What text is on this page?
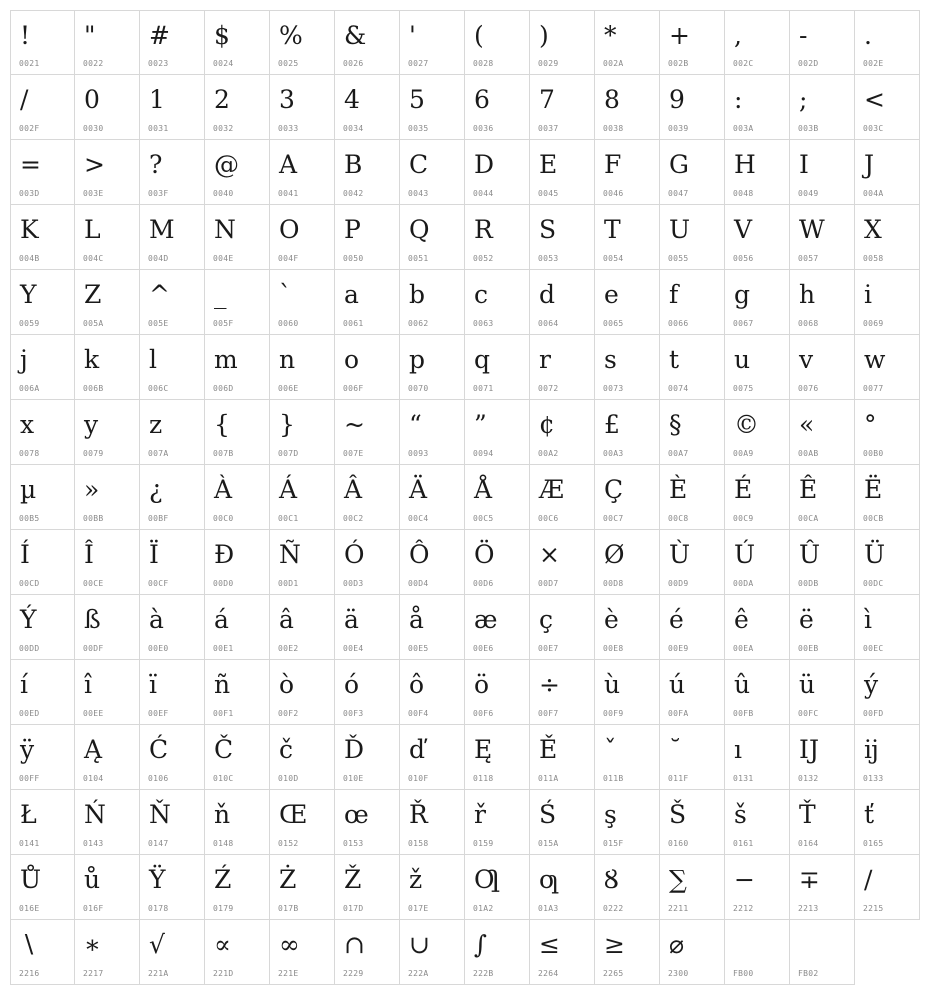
!
0021
"
0022
#
0023
$
0024
%
0025
&
0026
'
0027
(
0028
)
0029
*
002A
+
002B
,
002C
-
002D
.
002E
/
002F
0
0030
1
0031
2
0032
3
0033
4
0034
5
0035
6
0036
7
0037
8
0038
9
0039
:
003A
;
003B
<
003C
=
003D
>
003E
?
003F
@
0040
A
0041
B
0042
C
0043
D
0044
E
0045
F
0046
G
0047
H
0048
I
0049
J
004A
K
004B
L
004C
M
004D
N
004E
O
004F
P
0050
Q
0051
R
0052
S
0053
T
0054
U
0055
V
0056
W
0057
X
0058
Y
0059
Z
005A
^
005E
_
005F
`
0060
a
0061
b
0062
c
0063
d
0064
e
0065
f
0066
g
0067
h
0068
i
0069
j
006A
k
006B
l
006C
m
006D
n
006E
o
006F
p
0070
q
0071
r
0072
s
0073
t
0074
u
0075
v
0076
w
0077
x
0078
y
0079
z
007A
{
007B
}
007D
~
007E
“
0093
”
0094
¢
00A2
£
00A3
§
00A7
©
00A9
«
00AB
°
00B0
µ
00B5
»
00BB
¿
00BF
À
00C0
Á
00C1
Â
00C2
Ä
00C4
Å
00C5
Æ
00C6
Ç
00C7
È
00C8
É
00C9
Ê
00CA
Ë
00CB
Í
00CD
Î
00CE
Ï
00CF
Ð
00D0
Ñ
00D1
Ó
00D3
Ô
00D4
Ö
00D6
×
00D7
Ø
00D8
Ù
00D9
Ú
00DA
Û
00DB
Ü
00DC
Ý
00DD
ß
00DF
à
00E0
á
00E1
â
00E2
ä
00E4
å
00E5
æ
00E6
ç
00E7
è
00E8
é
00E9
ê
00EA
ë
00EB
ì
00EC
í
00ED
î
00EE
ï
00EF
ñ
00F1
ò
00F2
ó
00F3
ô
00F4
ö
00F6
÷
00F7
ù
00F9
ú
00FA
û
00FB
ü
00FC
ý
00FD
ÿ
00FF
Ą
0104
Ć
0106
Č
010C
č
010D
Ď
010E
ď
010F
Ę
0118
Ě
011A
ˇ
011B
˘
011F
ı
0131
Ĳ
0132
ĳ
0133
Ł
0141
Ń
0143
Ň
0147
ň
0148
Œ
0152
œ
0153
Ř
0158
ř
0159
Ś
015A
ş
015F
Š
0160
š
0161
Ť
0164
ť
0165
Ů
016E
ů
016F
Ÿ
0178
Ź
0179
Ż
017B
Ž
017D
ž
017E
Ƣ
01A2
ƣ
01A3
Ȣ
0222
∑
2211
−
2212
∓
2213
∕
2215
∖
2216
∗
2217
√
221A
∝
221D
∞
221E
∩
2229
∪
222A
∫
222B
≤
2264
≥
2265
⌀
2300	FB00	FB02
